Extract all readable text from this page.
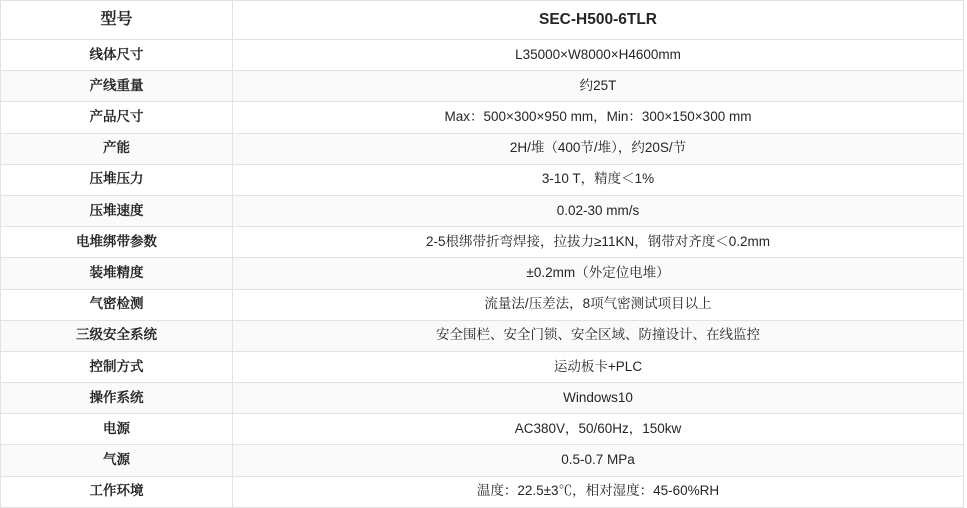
型号	SEC-H500-6TLR
线体尺寸	L35000×W8000×H4600mm
产线重量	约25T
产品尺寸	Max：500×300×950 mm，Min：300×150×300 mm
产能	2H/堆（400节/堆），约20S/节
压堆压力	3-10 T，精度＜1%
压堆速度	0.02-30 mm/s
电堆绑带参数	2-5根绑带折弯焊接，拉拔力≥11KN，钢带对齐度＜0.2mm
装堆精度	±0.2mm（外定位电堆）
气密检测	流量法/压差法，8项气密测试项目以上
三级安全系统	安全围栏、安全门锁、安全区域、防撞设计、在线监控
控制方式	运动板卡+PLC
操作系统	Windows10
电源	AC380V，50/60Hz，150kw
气源	0.5-0.7 MPa
工作环境	温度：22.5±3℃，相对湿度：45-60%RH
